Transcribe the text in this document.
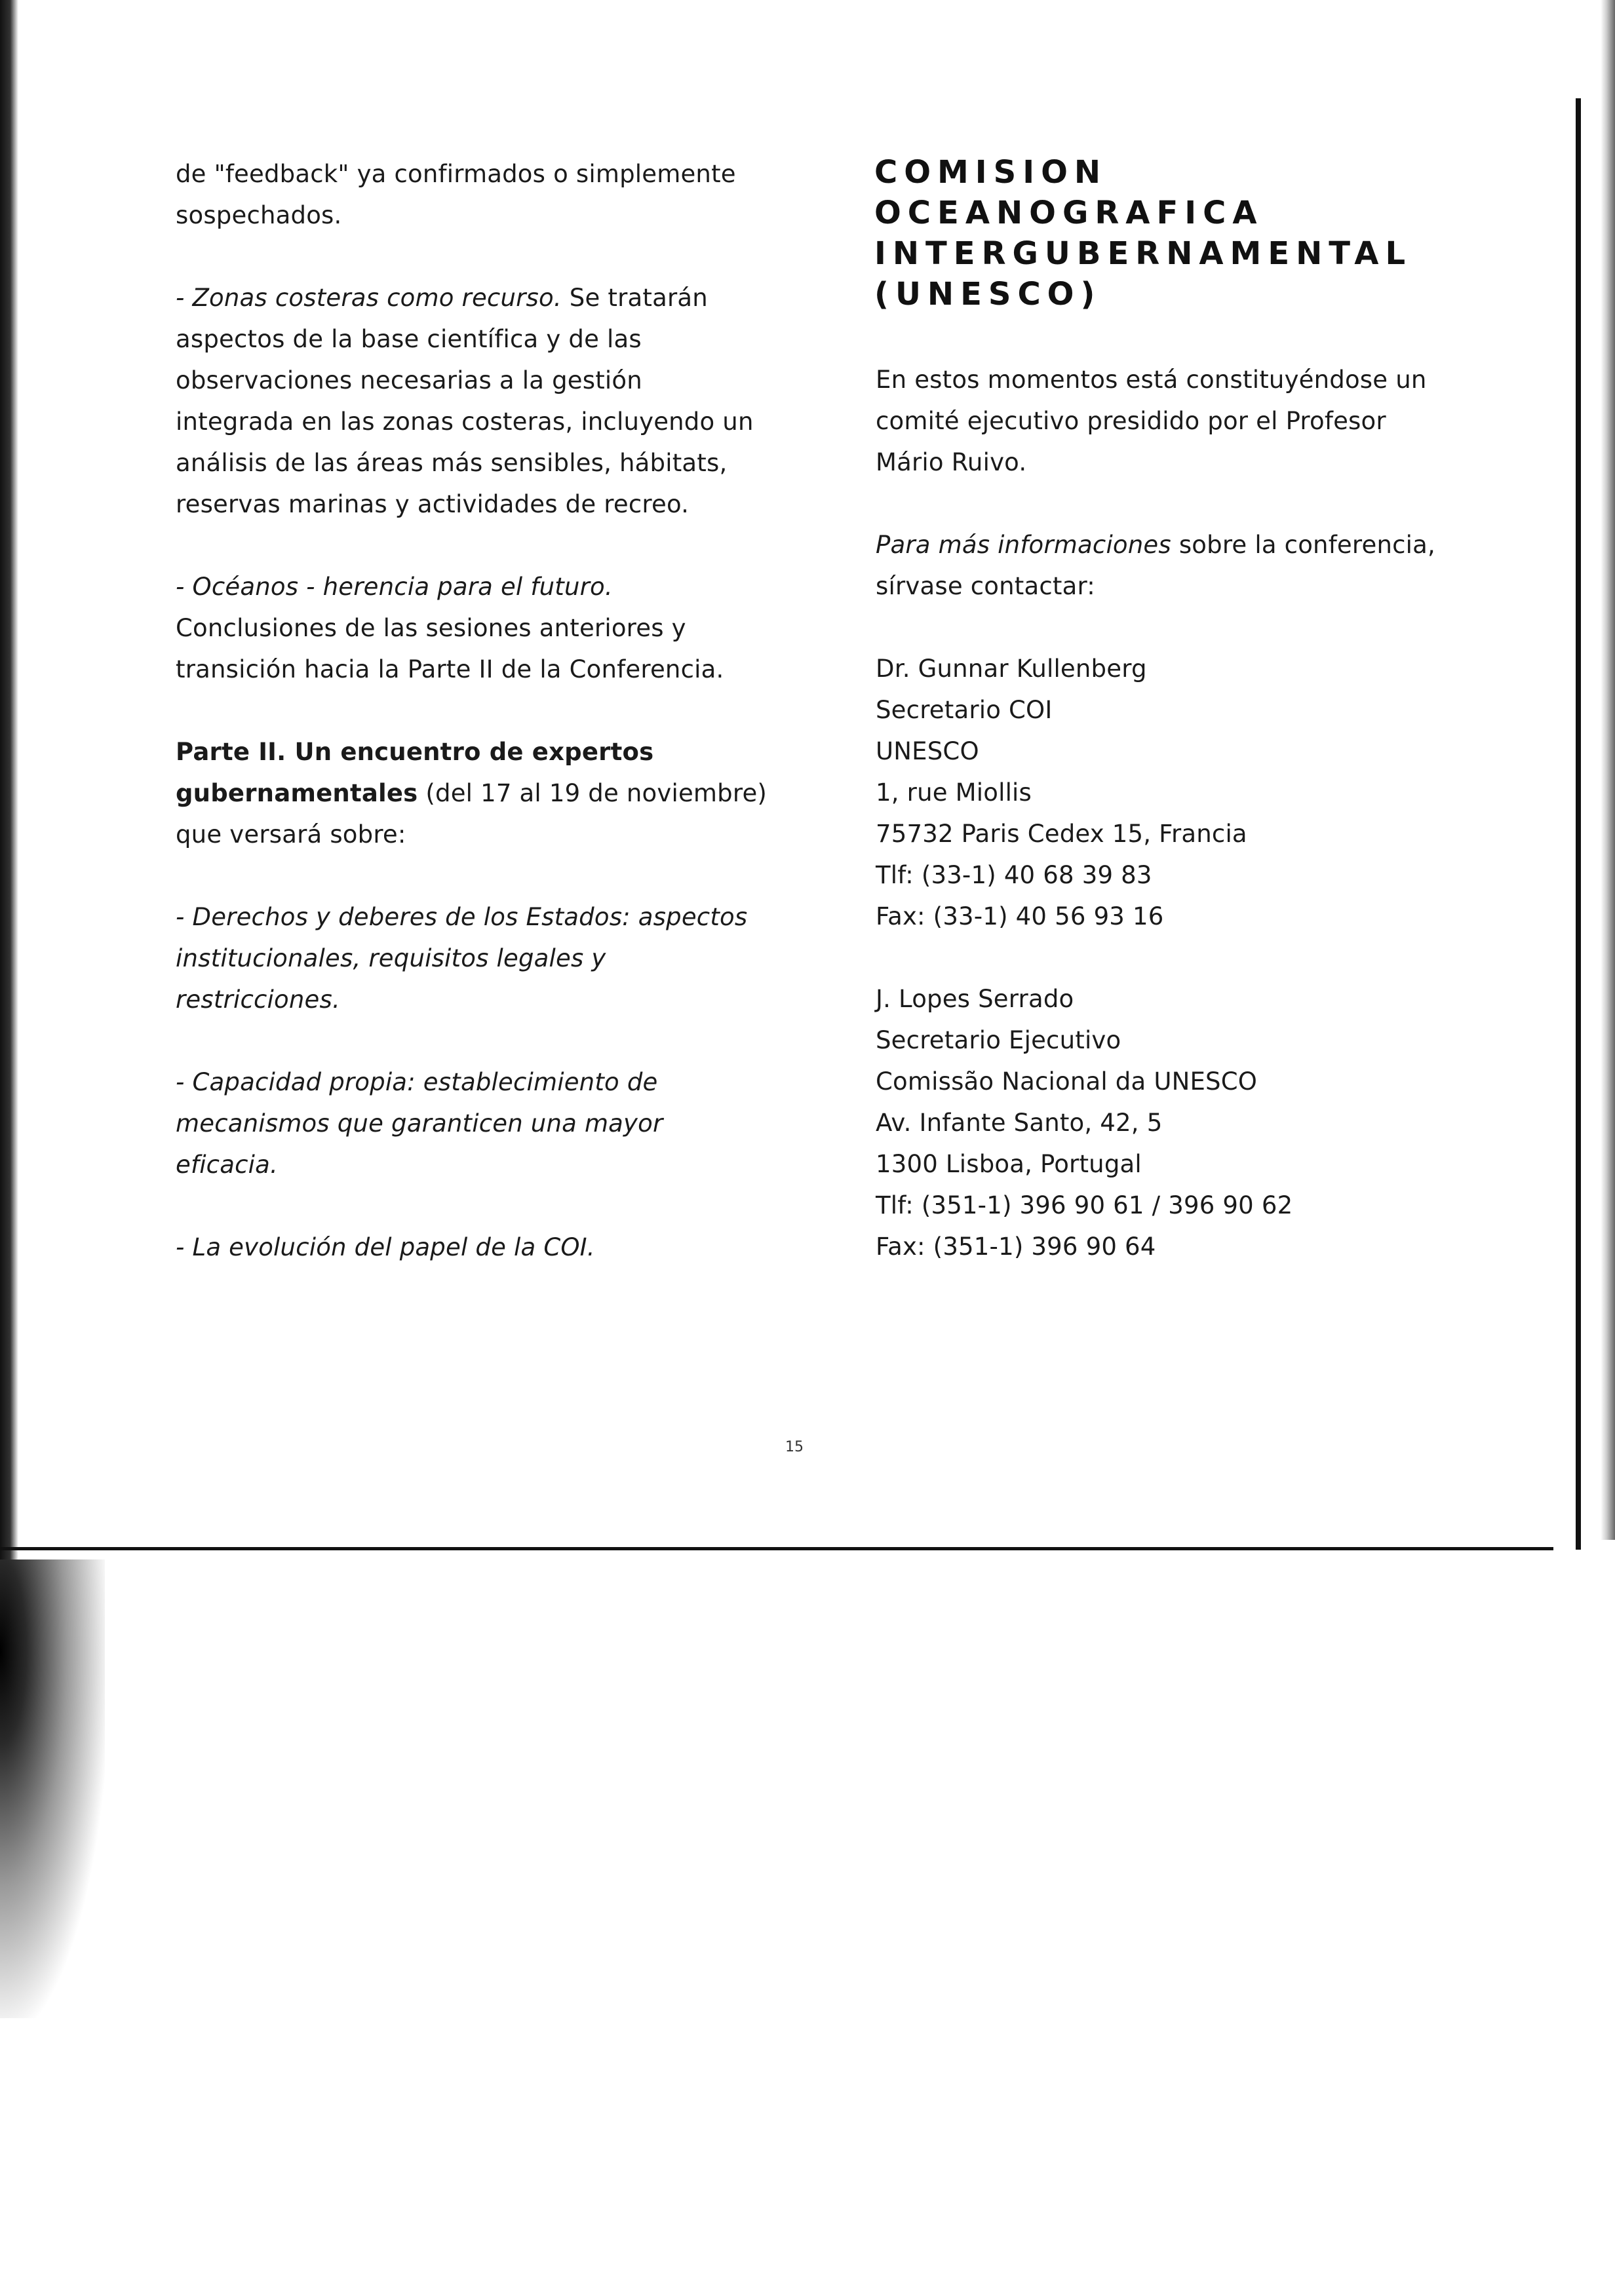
de "feedback" ya confirmados o simplemente
sospechados.

- Zonas costeras como recurso. Se tratarán
aspectos de la base científica y de las
observaciones necesarias a la gestión
integrada en las zonas costeras, incluyendo un
análisis de las áreas más sensibles, hábitats,
reservas marinas y actividades de recreo.

- Océanos - herencia para el futuro.
Conclusiones de las sesiones anteriores y
transición hacia la Parte II de la Conferencia.

Parte II. Un encuentro de expertos
gubernamentales (del 17 al 19 de noviembre)
que versará sobre:

- Derechos y deberes de los Estados: aspectos
institucionales, requisitos legales y
restricciones.

- Capacidad propia: establecimiento de
mecanismos que garanticen una mayor
eficacia.

- La evolución del papel de la COI.

COMISION
OCEANOGRAFICA
INTERGUBERNAMENTAL
(UNESCO)

En estos momentos está constituyéndose un
comité ejecutivo presidido por el Profesor
Mário Ruivo.

Para más informaciones sobre la conferencia,
sírvase contactar:

Dr. Gunnar Kullenberg
Secretario COI
UNESCO
1, rue Miollis
75732 Paris Cedex 15, Francia
Tlf: (33-1) 40 68 39 83
Fax: (33-1) 40 56 93 16
J. Lopes Serrado
Secretario Ejecutivo
Comissão Nacional da UNESCO
Av. Infante Santo, 42, 5
1300 Lisboa, Portugal
Tlf: (351-1) 396 90 61 / 396 90 62
Fax: (351-1) 396 90 64
15
